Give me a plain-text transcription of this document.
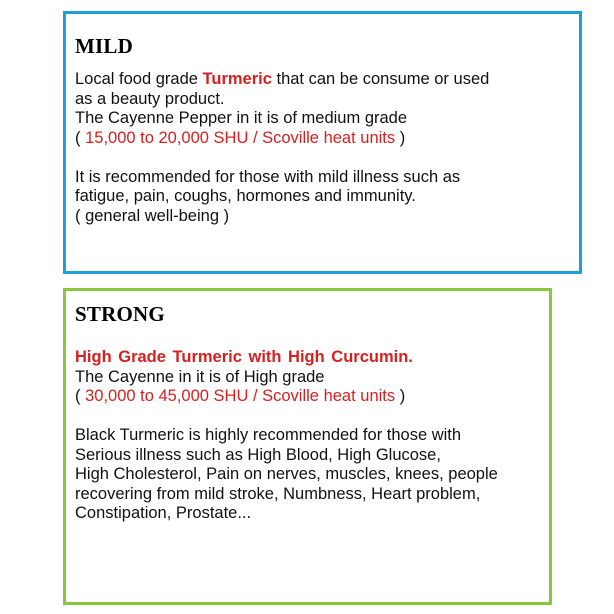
MILD
Local food grade Turmeric that can be consume or used
as a beauty product.
The Cayenne Pepper in it is of medium grade
( 15,000 to 20,000 SHU / Scoville heat units )
It is recommended for those with mild illness such as
fatigue, pain, coughs, hormones and immunity.
( general well-being )
STRONG
High Grade Turmeric with High Curcumin.
The Cayenne in it is of High grade
( 30,000 to 45,000 SHU / Scoville heat units )
Black Turmeric is highly recommended for those with
Serious illness such as High Blood, High Glucose,
High Cholesterol, Pain on nerves, muscles, knees, people
recovering from mild stroke, Numbness, Heart problem,
Constipation, Prostate...
